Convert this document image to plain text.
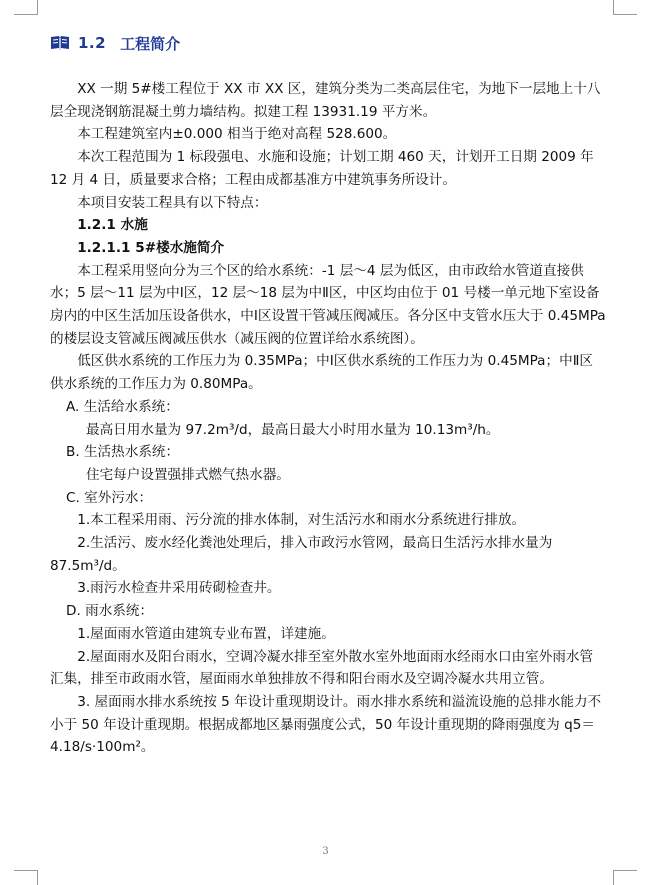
1.2 工程简介

XX 一期 5#楼工程位于 XX 市 XX 区，建筑分类为二类高层住宅，为地下一层地上十八层全现浇钢筋混凝土剪力墙结构。拟建工程 13931.19 平方米。

本工程建筑室内±0.000 相当于绝对高程 528.600。

本次工程范围为 1 标段强电、水施和设施；计划工期 460 天，计划开工日期 2009 年 12 月 4 日，质量要求合格；工程由成都基准方中建筑事务所设计。

本项目安装工程具有以下特点：

1.2.1 水施

1.2.1.1 5#楼水施简介

本工程采用竖向分为三个区的给水系统：-1 层～4 层为低区，由市政给水管道直接供水；5 层～11 层为中Ⅰ区，12 层～18 层为中Ⅱ区，中区均由位于 01 号楼一单元地下室设备房内的中区生活加压设备供水，中Ⅰ区设置干管减压阀减压。各分区中支管水压大于 0.45MPa 的楼层设支管减压阀减压供水（减压阀的位置详给水系统图）。

低区供水系统的工作压力为 0.35MPa；中Ⅰ区供水系统的工作压力为 0.45MPa；中Ⅱ区供水系统的工作压力为 0.80MPa。

A. 生活给水系统：

最高日用水量为 97.2m³/d，最高日最大小时用水量为 10.13m³/h。

B. 生活热水系统：

住宅每户设置强排式燃气热水器。

C. 室外污水：

1.本工程采用雨、污分流的排水体制，对生活污水和雨水分系统进行排放。

2.生活污、废水经化粪池处理后，排入市政污水管网，最高日生活污水排水量为 87.5m³/d。

3.雨污水检查井采用砖砌检查井。

D. 雨水系统：

1.屋面雨水管道由建筑专业布置，详建施。

2.屋面雨水及阳台雨水，空调冷凝水排至室外散水室外地面雨水经雨水口由室外雨水管汇集，排至市政雨水管，屋面雨水单独排放不得和阳台雨水及空调冷凝水共用立管。

3. 屋面雨水排水系统按 5 年设计重现期设计。雨水排水系统和溢流设施的总排水能力不小于 50 年设计重现期。根据成都地区暴雨强度公式，50 年设计重现期的降雨强度为 q5＝4.18/s·100m²。

3
